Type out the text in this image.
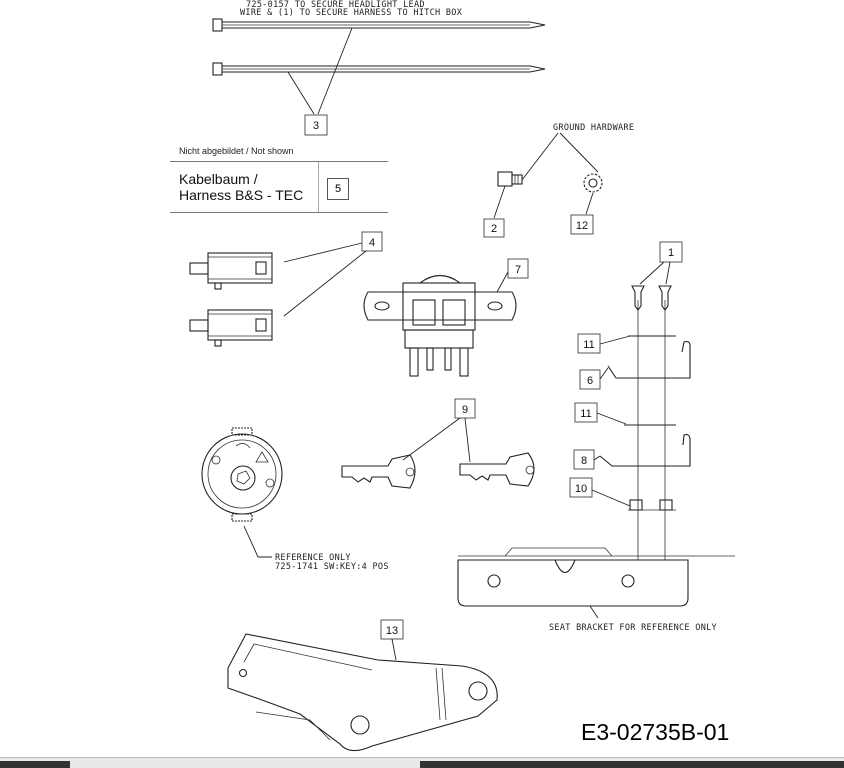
725-0157 TO SECURE HEADLIGHT LEAD
WIRE & (1) TO SECURE HARNESS TO HITCH BOX
3	GROUND HARDWARE
2	12
4
7
REFERENCE ONLY
725-1741 SW:KEY:4 POS
9
1
11
6
11
8
10
SEAT BRACKET FOR REFERENCE ONLY
13
Nicht abgebildet / Not shown
Kabelbaum /
Harness B&S - TEC	5
E3-02735B-01
